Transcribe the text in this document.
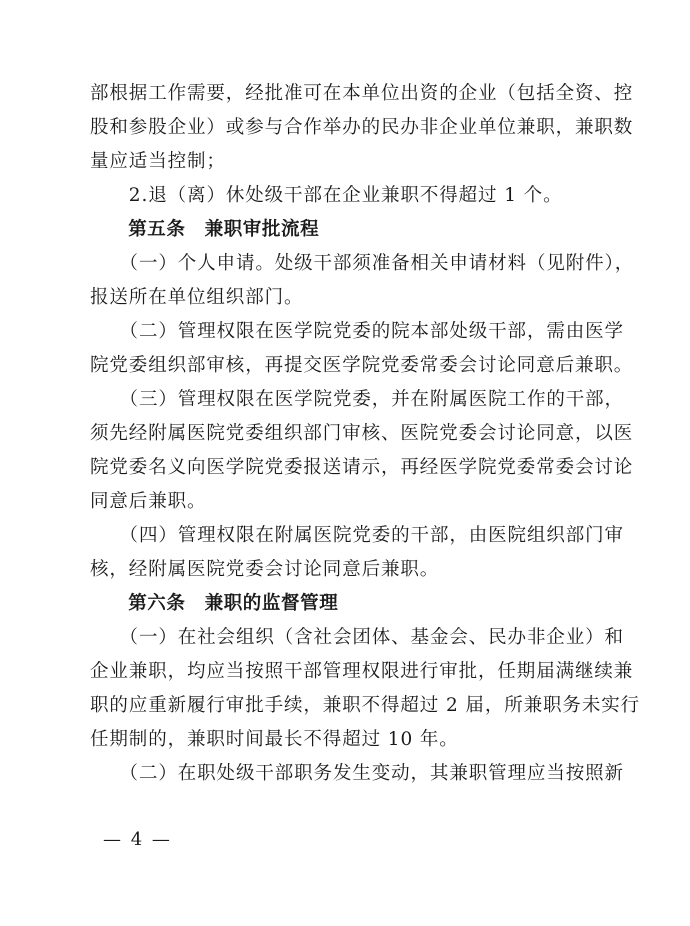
部根据工作需要，经批准可在本单位出资的企业（包括全资、控
股和参股企业）或参与合作举办的民办非企业单位兼职，兼职数
量应适当控制；
　　2.退（离）休处级干部在企业兼职不得超过 1 个。
　　第五条　兼职审批流程
　　（一）个人申请。处级干部须准备相关申请材料（见附件），
报送所在单位组织部门。
　　（二）管理权限在医学院党委的院本部处级干部，需由医学
院党委组织部审核，再提交医学院党委常委会讨论同意后兼职。
　　（三）管理权限在医学院党委，并在附属医院工作的干部，
须先经附属医院党委组织部门审核、医院党委会讨论同意，以医
院党委名义向医学院党委报送请示，再经医学院党委常委会讨论
同意后兼职。
　　（四）管理权限在附属医院党委的干部，由医院组织部门审
核，经附属医院党委会讨论同意后兼职。
　　第六条　兼职的监督管理
　　（一）在社会组织（含社会团体、基金会、民办非企业）和
企业兼职，均应当按照干部管理权限进行审批，任期届满继续兼
职的应重新履行审批手续，兼职不得超过 2 届，所兼职务未实行
任期制的，兼职时间最长不得超过 10 年。
　　（二）在职处级干部职务发生变动，其兼职管理应当按照新
— 4 —
